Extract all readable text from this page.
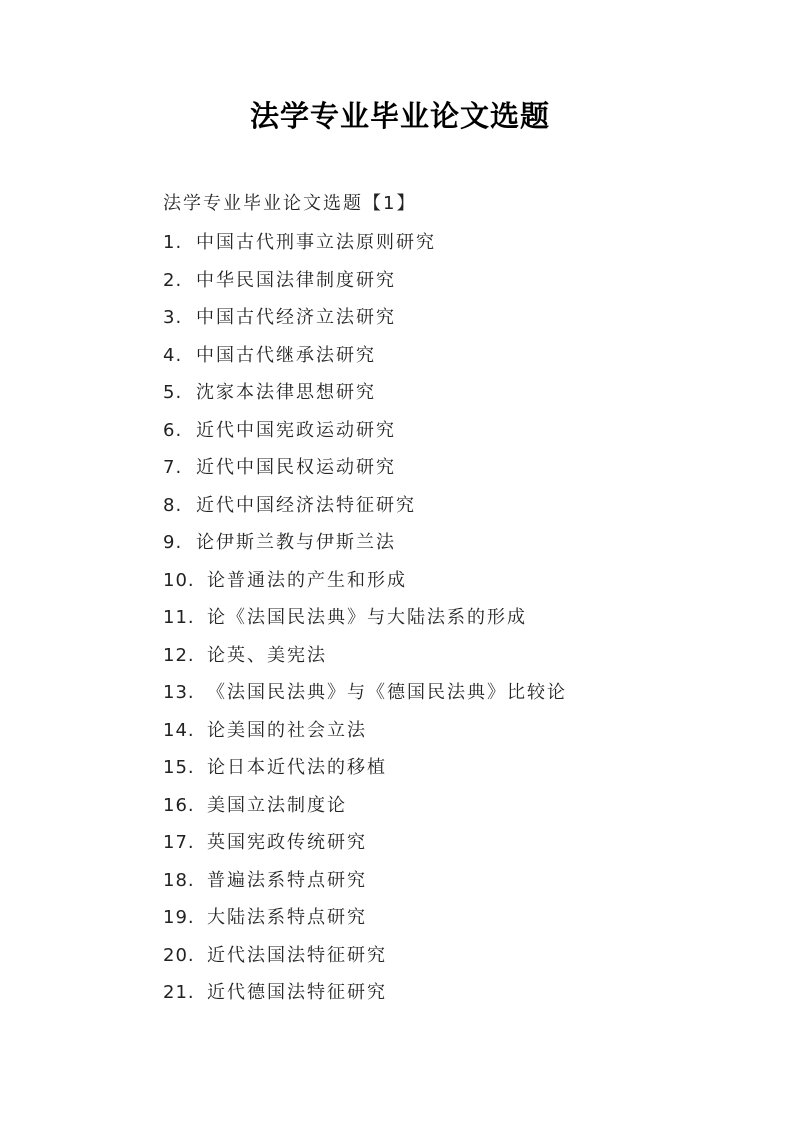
法学专业毕业论文选题
法学专业毕业论文选题【1】
1. 中国古代刑事立法原则研究
2. 中华民国法律制度研究
3. 中国古代经济立法研究
4. 中国古代继承法研究
5. 沈家本法律思想研究
6. 近代中国宪政运动研究
7. 近代中国民权运动研究
8. 近代中国经济法特征研究
9. 论伊斯兰教与伊斯兰法
10. 论普通法的产生和形成
11. 论《法国民法典》与大陆法系的形成
12. 论英、美宪法
13. 《法国民法典》与《德国民法典》比较论
14. 论美国的社会立法
15. 论日本近代法的移植
16. 美国立法制度论
17. 英国宪政传统研究
18. 普遍法系特点研究
19. 大陆法系特点研究
20. 近代法国法特征研究
21. 近代德国法特征研究
